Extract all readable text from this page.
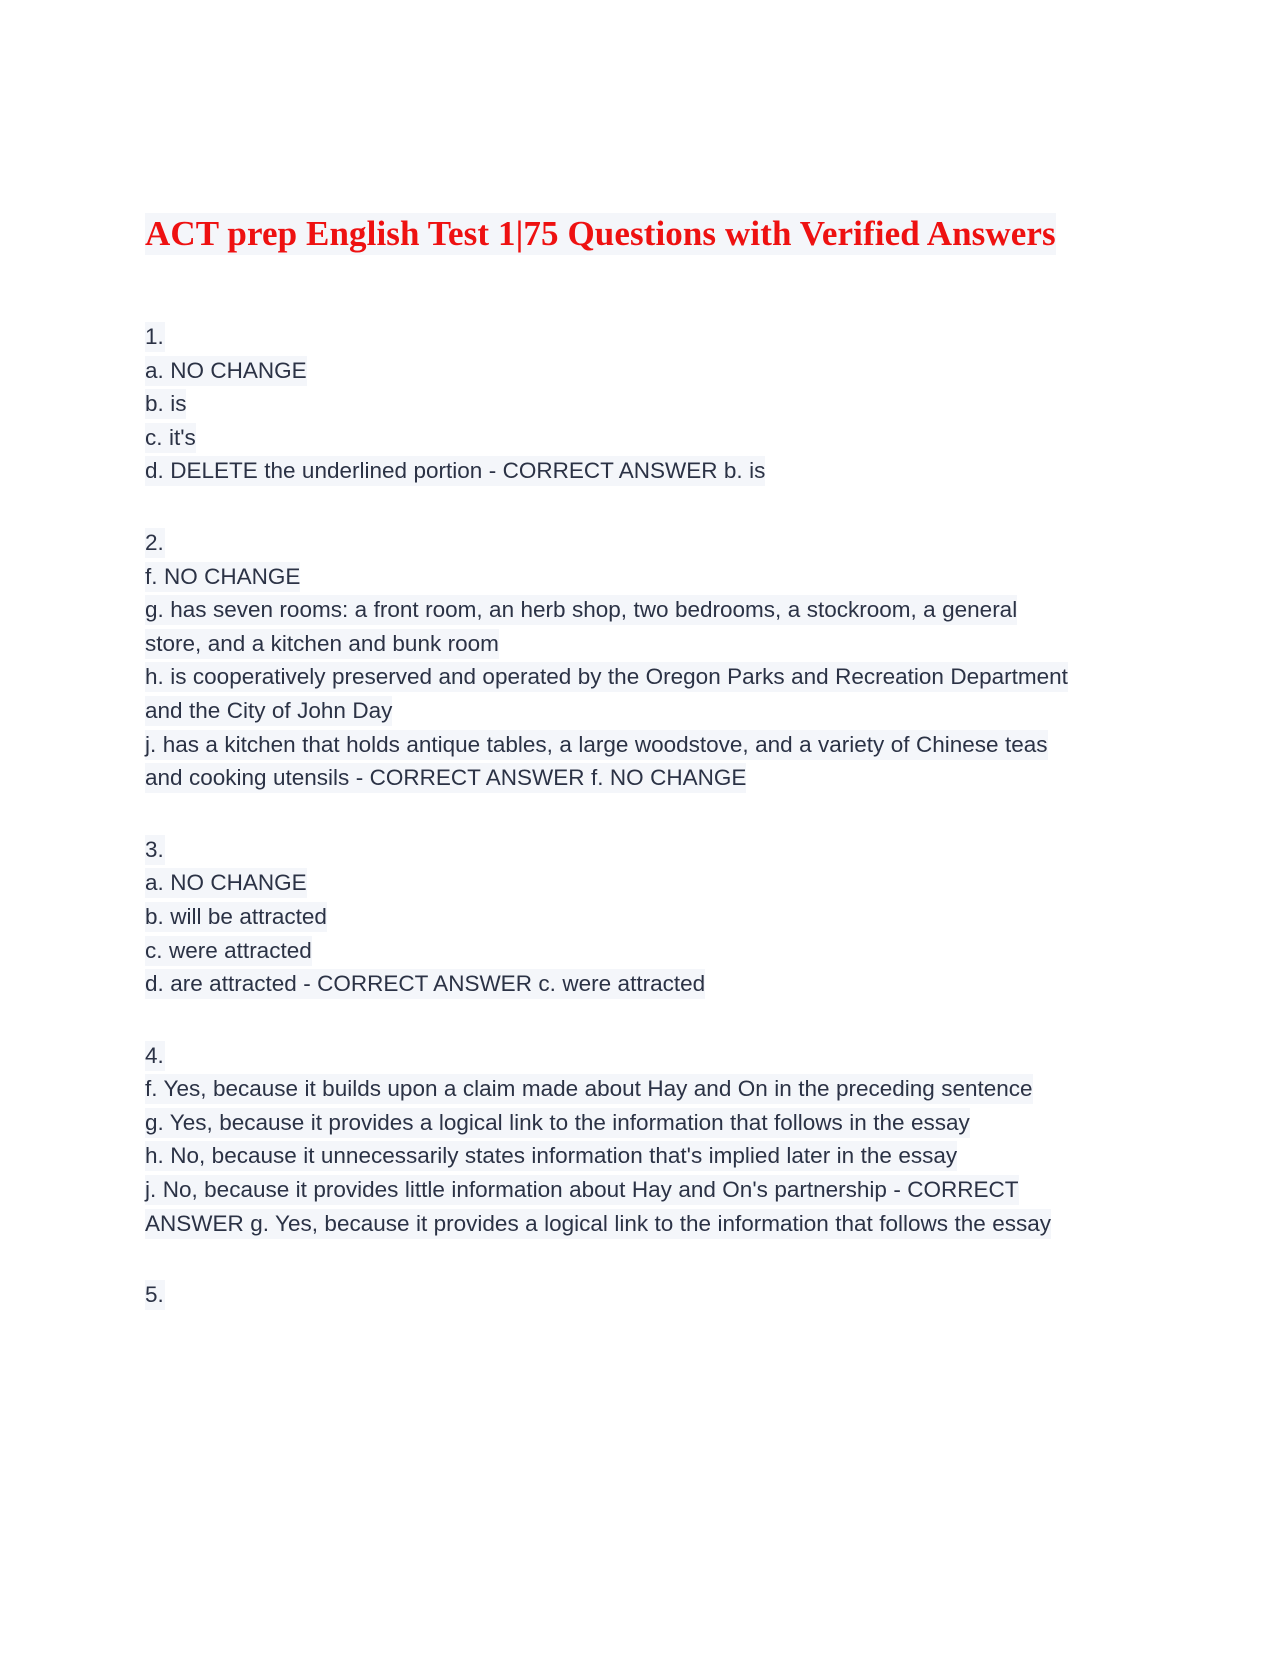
ACT prep English Test 1|75 Questions with Verified Answers

1.

a. NO CHANGE

b. is

c. it's

d. DELETE the underlined portion - CORRECT ANSWER b. is

2.

f. NO CHANGE

g. has seven rooms: a front room, an herb shop, two bedrooms, a stockroom, a general store, and a kitchen and bunk room

h. is cooperatively preserved and operated by the Oregon Parks and Recreation Department and the City of John Day

j. has a kitchen that holds antique tables, a large woodstove, and a variety of Chinese teas and cooking utensils - CORRECT ANSWER f. NO CHANGE

3.

a. NO CHANGE

b. will be attracted

c. were attracted

d. are attracted - CORRECT ANSWER c. were attracted

4.

f. Yes, because it builds upon a claim made about Hay and On in the preceding sentence

g. Yes, because it provides a logical link to the information that follows in the essay

h. No, because it unnecessarily states information that's implied later in the essay

j. No, because it provides little information about Hay and On's partnership - CORRECT ANSWER g. Yes, because it provides a logical link to the information that follows the essay

5.
